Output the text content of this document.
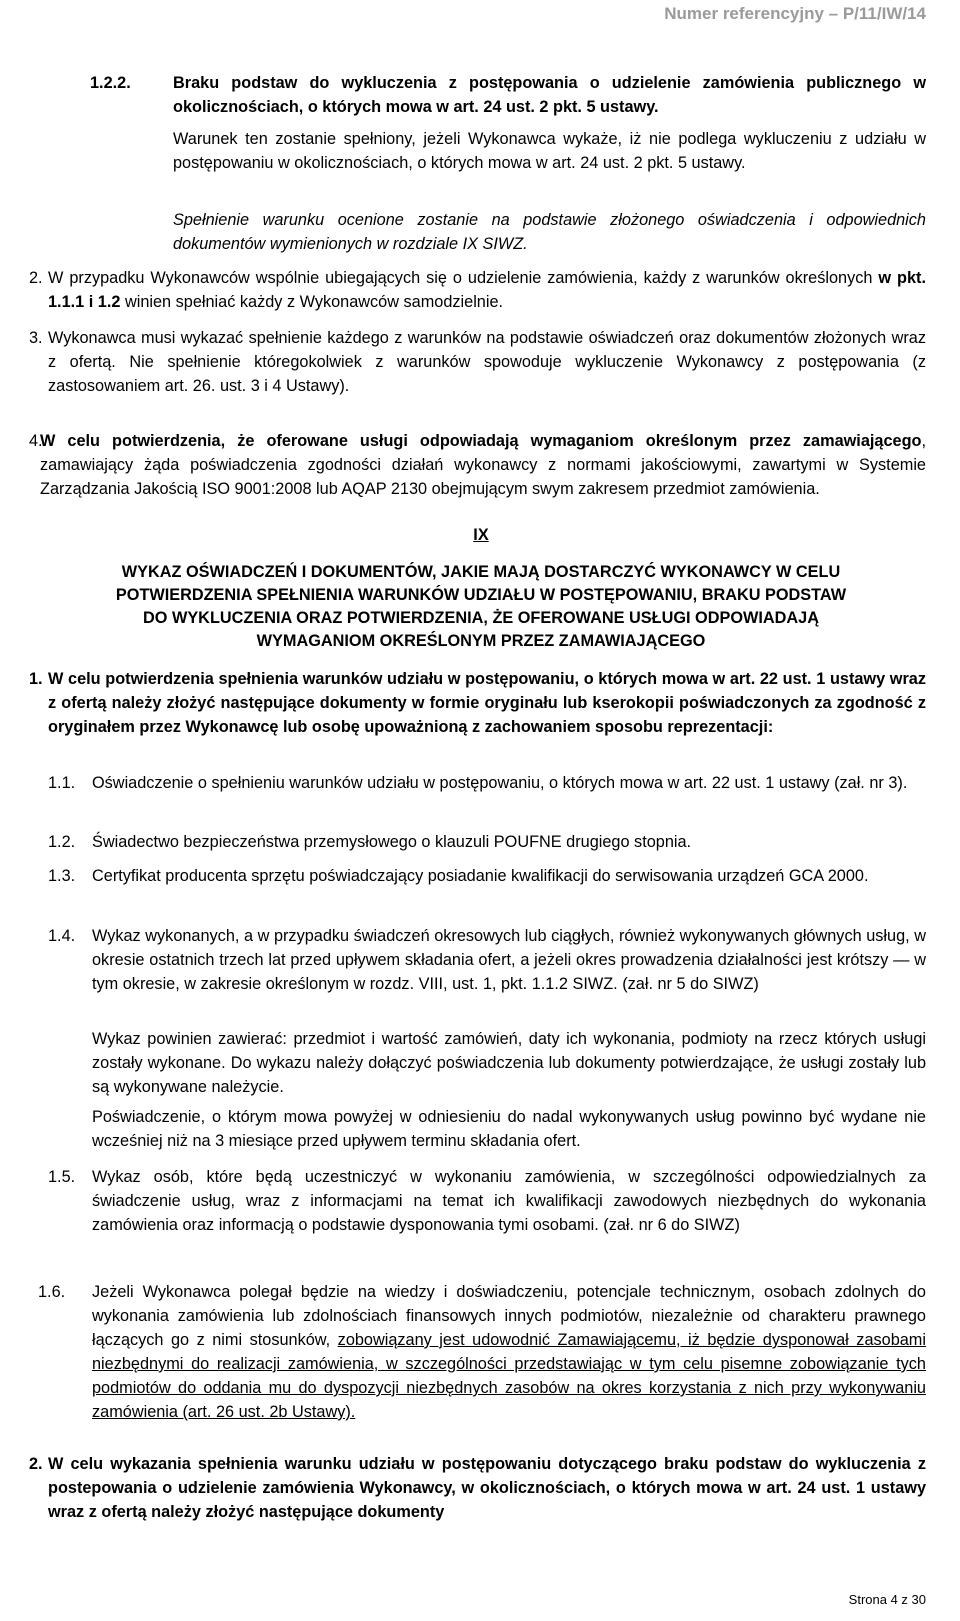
Numer referencyjny – P/11/IW/14
1.2.2.	Braku podstaw do wykluczenia z postępowania o udzielenie zamówienia publicznego w okolicznościach, o których mowa w art. 24 ust. 2 pkt. 5 ustawy.

Warunek ten zostanie spełniony, jeżeli Wykonawca wykaże, iż nie podlega wykluczeniu z udziału w postępowaniu w okolicznościach, o których mowa w art. 24 ust. 2 pkt. 5 ustawy.

Spełnienie warunku ocenione zostanie na podstawie złożonego oświadczenia i odpowiednich dokumentów wymienionych w rozdziale IX SIWZ.

2. W przypadku Wykonawców wspólnie ubiegających się o udzielenie zamówienia, każdy z warunków określonych w pkt. 1.1.1 i 1.2 winien spełniać każdy z Wykonawców samodzielnie.

3. Wykonawca musi wykazać spełnienie każdego z warunków na podstawie oświadczeń oraz dokumentów złożonych wraz z ofertą. Nie spełnienie któregokolwiek z warunków spowoduje wykluczenie Wykonawcy z postępowania (z zastosowaniem art. 26. ust. 3 i 4 Ustawy).

4.

W celu potwierdzenia, że oferowane usługi odpowiadają wymaganiom określonym przez zamawiającego, zamawiający żąda poświadczenia zgodności działań wykonawcy z normami jakościowymi, zawartymi w Systemie Zarządzania Jakością ISO 9001:2008 lub AQAP 2130 obejmującym swym zakresem przedmiot zamówienia.

IX
WYKAZ OŚWIADCZEŃ I DOKUMENTÓW, JAKIE MAJĄ DOSTARCZYĆ WYKONAWCY W CELU
POTWIERDZENIA SPEŁNIENIA WARUNKÓW UDZIAŁU W POSTĘPOWANIU, BRAKU PODSTAW
DO WYKLUCZENIA ORAZ POTWIERDZENIA, ŻE OFEROWANE USŁUGI ODPOWIADAJĄ
WYMAGANIOM OKREŚLONYM PRZEZ ZAMAWIAJĄCEGO
1. W celu potwierdzenia spełnienia warunków udziału w postępowaniu, o których mowa w art. 22 ust. 1 ustawy wraz z ofertą należy złożyć następujące dokumenty w formie oryginału lub kserokopii poświadczonych za zgodność z oryginałem przez Wykonawcę lub osobę upoważnioną z zachowaniem sposobu reprezentacji:

1.1. Oświadczenie o spełnieniu warunków udziału w postępowaniu, o których mowa w art. 22 ust. 1 ustawy (zał. nr 3).

1.2. Świadectwo bezpieczeństwa przemysłowego o klauzuli POUFNE drugiego stopnia.

1.3. Certyfikat producenta sprzętu poświadczający posiadanie kwalifikacji do serwisowania urządzeń GCA 2000.

1.4. Wykaz wykonanych, a w przypadku świadczeń okresowych lub ciągłych, również wykonywanych głównych usług, w okresie ostatnich trzech lat przed upływem składania ofert, a jeżeli okres prowadzenia działalności jest krótszy — w tym okresie, w zakresie określonym w rozdz. VIII, ust. 1, pkt. 1.1.2 SIWZ. (zał. nr 5 do SIWZ)

Wykaz powinien zawierać: przedmiot i wartość zamówień, daty ich wykonania, podmioty na rzecz których usługi zostały wykonane. Do wykazu należy dołączyć poświadczenia lub dokumenty potwierdzające, że usługi zostały lub są wykonywane należycie.

Poświadczenie, o którym mowa powyżej w odniesieniu do nadal wykonywanych usług powinno być wydane nie wcześniej niż na 3 miesiące przed upływem terminu składania ofert.

1.5. Wykaz osób, które będą uczestniczyć w wykonaniu zamówienia, w szczególności odpowiedzialnych za świadczenie usług, wraz z informacjami na temat ich kwalifikacji zawodowych niezbędnych do wykonania zamówienia oraz informacją o podstawie dysponowania tymi osobami. (zał. nr 6 do SIWZ)

1.6. Jeżeli Wykonawca polegał będzie na wiedzy i doświadczeniu, potencjale technicznym, osobach zdolnych do wykonania zamówienia lub zdolnościach finansowych innych podmiotów, niezależnie od charakteru prawnego łączących go z nimi stosunków, zobowiązany jest udowodnić Zamawiającemu, iż będzie dysponował zasobami niezbędnymi do realizacji zamówienia, w szczególności przedstawiając w tym celu pisemne zobowiązanie tych podmiotów do oddania mu do dyspozycji niezbędnych zasobów na okres korzystania z nich przy wykonywaniu zamówienia (art. 26 ust. 2b Ustawy).

2. W celu wykazania spełnienia warunku udziału w postępowaniu dotyczącego braku podstaw do wykluczenia z postepowania o udzielenie zamówienia Wykonawcy, w okolicznościach, o których mowa w art. 24 ust. 1 ustawy wraz z ofertą należy złożyć następujące dokumenty

Strona 4 z 30
